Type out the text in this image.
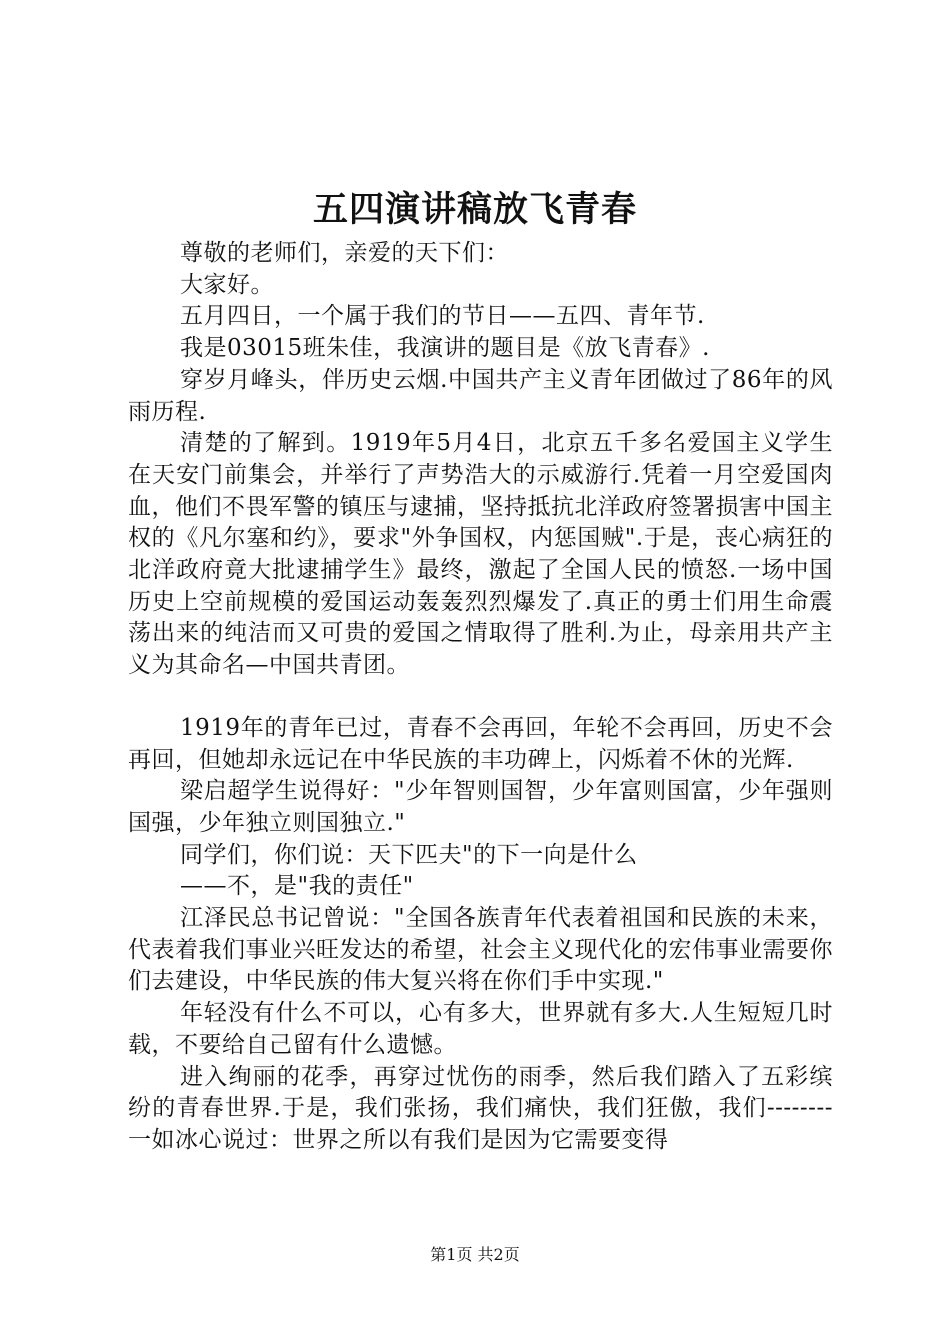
五四演讲稿放飞青春

尊敬的老师们，亲爱的天下们：

大家好。

五月四日，一个属于我们的节日——五四、青年节.

我是03015班朱佳，我演讲的题目是《放飞青春》.

穿岁月峰头，伴历史云烟.中国共产主义青年团做过了86年的风雨历程.

清楚的了解到。1919年5月4日，北京五千多名爱国主义学生在天安门前集会，并举行了声势浩大的示威游行.凭着一月空爱国肉血，他们不畏军警的镇压与逮捕，坚持抵抗北洋政府签署损害中国主权的《凡尔塞和约》，要求"外争国权，内惩国贼".于是，丧心病狂的北洋政府竟大批逮捕学生》最终，激起了全国人民的愤怒.一场中国历史上空前规模的爱国运动轰轰烈烈爆发了.真正的勇士们用生命震荡出来的纯洁而又可贵的爱国之情取得了胜利.为止，母亲用共产主义为其命名—中国共青团。

1919年的青年已过，青春不会再回，年轮不会再回，历史不会再回，但她却永远记在中华民族的丰功碑上，闪烁着不休的光辉.

梁启超学生说得好："少年智则国智，少年富则国富，少年强则国强，少年独立则国独立."

同学们，你们说：天下匹夫"的下一向是什么

——不，是"我的责任"

江泽民总书记曾说："全国各族青年代表着祖国和民族的未来，代表着我们事业兴旺发达的希望，社会主义现代化的宏伟事业需要你们去建设，中华民族的伟大复兴将在你们手中实现."

年轻没有什么不可以，心有多大，世界就有多大.人生短短几时载，不要给自己留有什么遗憾。

进入绚丽的花季，再穿过忧伤的雨季，然后我们踏入了五彩缤纷的青春世界.于是，我们张扬，我们痛快，我们狂傲，我们--------一如冰心说过：世界之所以有我们是因为它需要变得

第1页 共2页
